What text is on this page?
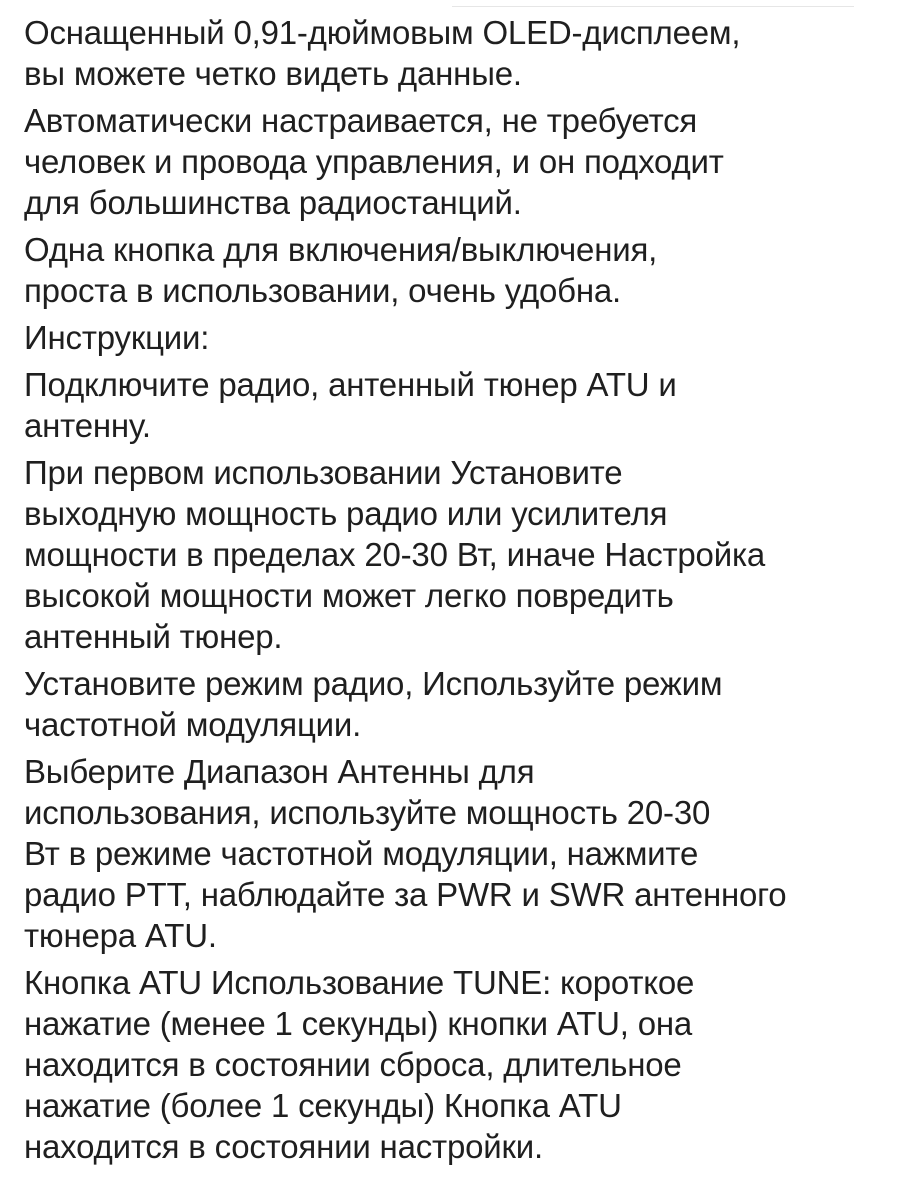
Оснащенный 0,91-дюймовым OLED-дисплеем,
вы можете четко видеть данные.
Автоматически настраивается, не требуется
человек и провода управления, и он подходит
для большинства радиостанций.
Одна кнопка для включения/выключения,
проста в использовании, очень удобна.
Инструкции:
Подключите радио, антенный тюнер ATU и
антенну.
При первом использовании Установите
выходную мощность радио или усилителя
мощности в пределах 20-30 Вт, иначе Настройка
высокой мощности может легко повредить
антенный тюнер.
Установите режим радио, Используйте режим
частотной модуляции.
Выберите Диапазон Антенны для
использования, используйте мощность 20-30
Вт в режиме частотной модуляции, нажмите
радио PTT, наблюдайте за PWR и SWR антенного
тюнера ATU.
Кнопка ATU Использование TUNE: короткое
нажатие (менее 1 секунды) кнопки ATU, она
находится в состоянии сброса, длительное
нажатие (более 1 секунды) Кнопка ATU
находится в состоянии настройки.
